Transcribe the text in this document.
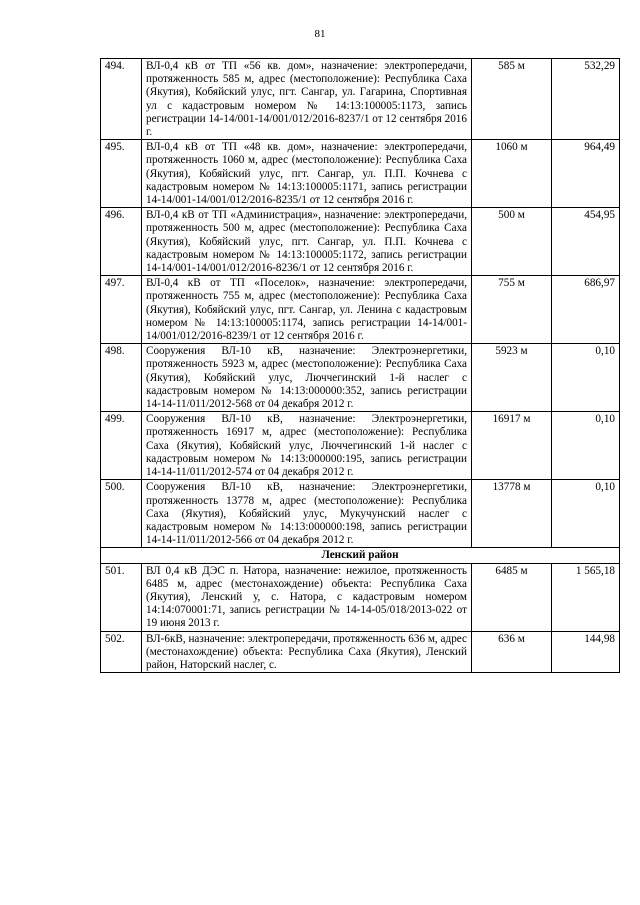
81
494.	ВЛ-0,4 кВ от ТП «56 кв. дом», назначение: электропередачи, протяженность 585 м, адрес (местоположение): Республика Саха (Якутия), Кобяйский улус, пгт. Сангар, ул. Гагарина, Спортивная ул с кадастровым номером № 14:13:100005:1173, запись регистрации 14-14/001-14/001/012/2016-8237/1 от 12 сентября 2016 г.	585 м	532,29
495.	ВЛ-0,4 кВ от ТП «48 кв. дом», назначение: электропередачи, протяженность 1060 м, адрес (местоположение): Республика Саха (Якутия), Кобяйский улус, пгт. Сангар, ул. П.П. Кочнева с кадастровым номером № 14:13:100005:1171, запись регистрации 14-14/001-14/001/012/2016-8235/1 от 12 сентября 2016 г.	1060 м	964,49
496.	ВЛ-0,4 кВ от ТП «Администрация», назначение: электропередачи, протяженность 500 м, адрес (местоположение): Республика Саха (Якутия), Кобяйский улус, пгт. Сангар, ул. П.П. Кочнева с кадастровым номером № 14:13:100005:1172, запись регистрации 14-14/001-14/001/012/2016-8236/1 от 12 сентября 2016 г.	500 м	454,95
497.	ВЛ-0,4 кВ от ТП «Поселок», назначение: электропередачи, протяженность 755 м, адрес (местоположение): Республика Саха (Якутия), Кобяйский улус, пгт. Сангар, ул. Ленина с кадастровым номером № 14:13:100005:1174, запись регистрации 14-14/001-14/001/012/2016-8239/1 от 12 сентября 2016 г.	755 м	686,97
498.	Сооружения ВЛ-10 кВ, назначение: Электроэнергетики, протяженность 5923 м, адрес (местоположение): Республика Саха (Якутия), Кобяйский улус, Люччегинский 1-й наслег с кадастровым номером № 14:13:000000:352, запись регистрации 14-14-11/011/2012-568 от 04 декабря 2012 г.	5923 м	0,10
499.	Сооружения ВЛ-10 кВ, назначение: Электроэнергетики, протяженность 16917 м, адрес (местоположение): Республика Саха (Якутия), Кобяйский улус, Люччегинский 1-й наслег с кадастровым номером № 14:13:000000:195, запись регистрации 14-14-11/011/2012-574 от 04 декабря 2012 г.	16917 м	0,10
500.	Сооружения ВЛ-10 кВ, назначение: Электроэнергетики, протяженность 13778 м, адрес (местоположение): Республика Саха (Якутия), Кобяйский улус, Мукучунский наслег с кадастровым номером № 14:13:000000:198, запись регистрации 14-14-11/011/2012-566 от 04 декабря 2012 г.	13778 м	0,10
Ленский район			
501.	ВЛ 0,4 кВ ДЭС п. Натора, назначение: нежилое, протяженность 6485 м, адрес (местонахождение) объекта: Республика Саха (Якутия), Ленский у, с. Натора, с кадастровым номером 14:14:070001:71, запись регистрации № 14-14-05/018/2013-022 от 19 июня 2013 г.	6485 м	1 565,18
502.	ВЛ-6кВ, назначение: электропередачи, протяженность 636 м, адрес (местонахождение) объекта: Республика Саха (Якутия), Ленский район, Наторский наслег, с.	636 м	144,98
